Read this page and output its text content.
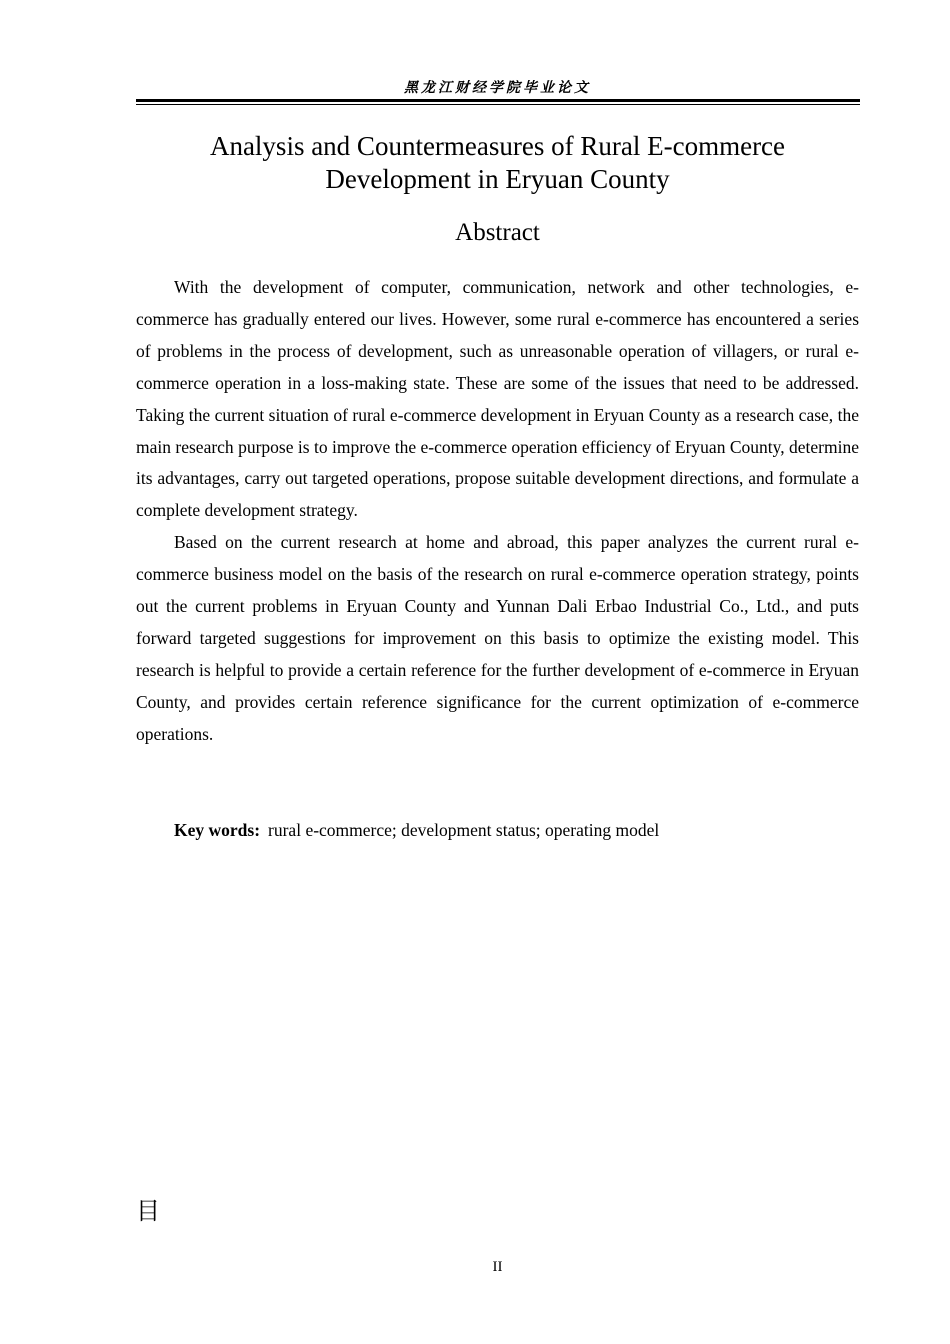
黑龙江财经学院毕业论文
Analysis and Countermeasures of Rural E-commerce
Development in Eryuan County
Abstract

With the development of computer, communication, network and other technologies, e-commerce has gradually entered our lives. However, some rural e-commerce has encountered a series of problems in the process of development, such as unreasonable operation of villagers, or rural e-commerce operation in a loss-making state. These are some of the issues that need to be addressed. Taking the current situation of rural e-commerce development in Eryuan County as a research case, the main research purpose is to improve the e-commerce operation efficiency of Eryuan County, determine its advantages, carry out targeted operations, propose suitable development directions, and formulate a complete development strategy.

Based on the current research at home and abroad, this paper analyzes the current rural e-commerce business model on the basis of the research on rural e-commerce operation strategy, points out the current problems in Eryuan County and Yunnan Dali Erbao Industrial Co., Ltd., and puts forward targeted suggestions for improvement on this basis to optimize the existing model. This research is helpful to provide a certain reference for the further development of e-commerce in Eryuan County, and provides certain reference significance for the current optimization of e-commerce operations.

Key words: rural e-commerce; development status; operating model
目
II
